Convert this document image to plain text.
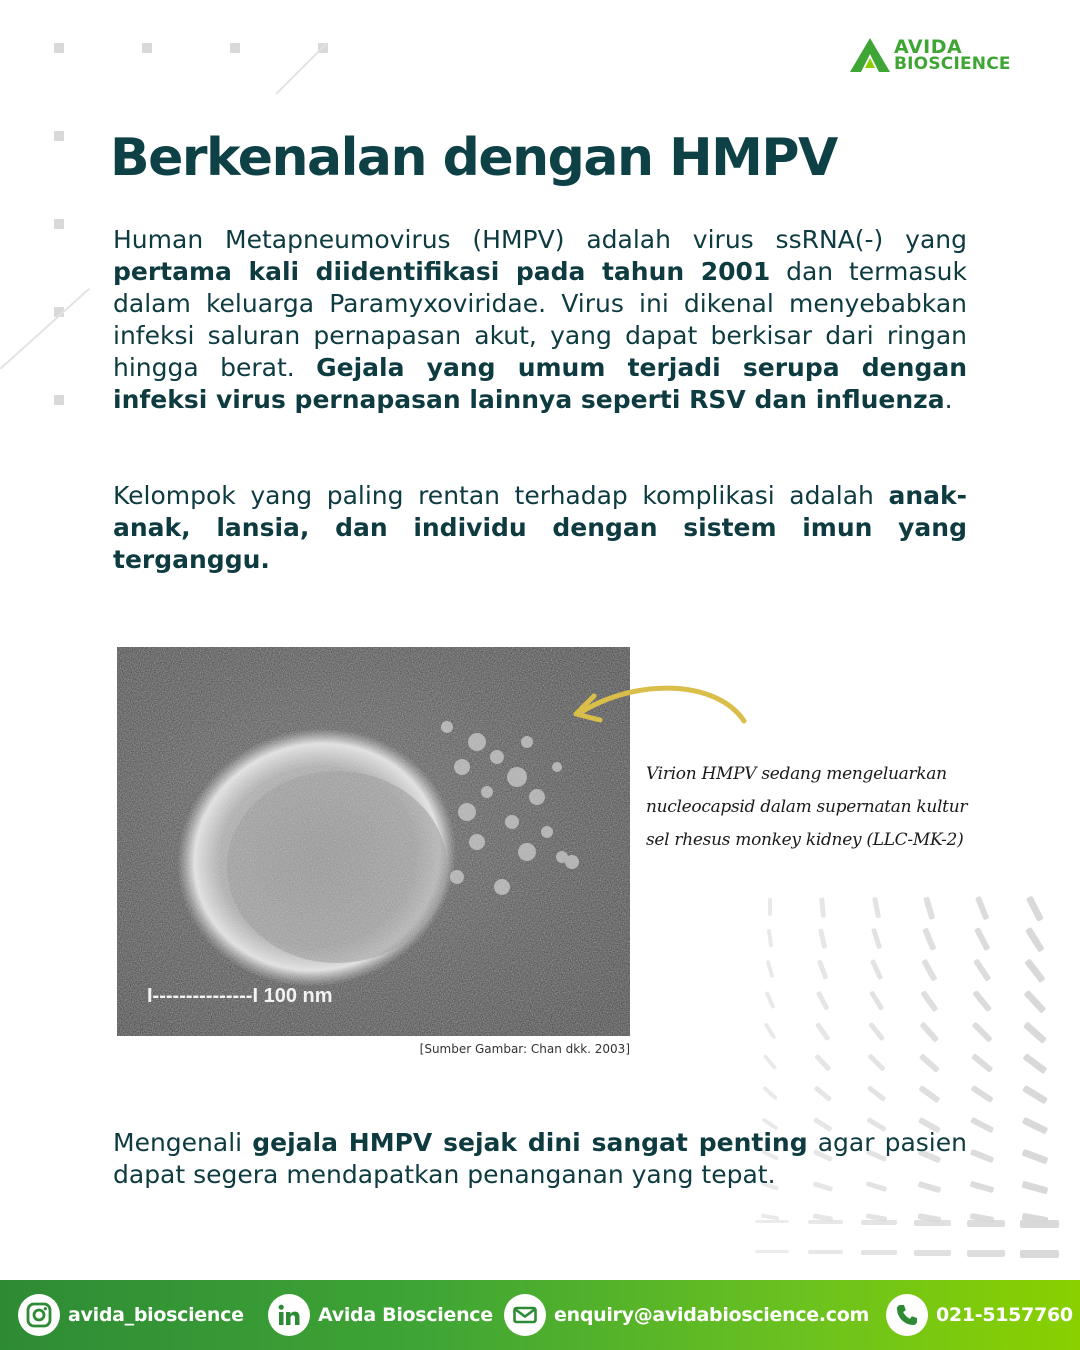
AVIDA
BIOSCIENCE
Berkenalan dengan HMPV

Human Metapneumovirus (HMPV) adalah virus ssRNA(-) yang pertama kali diidentifikasi pada tahun 2001 dan termasuk dalam keluarga Paramyxoviridae. Virus ini dikenal menyebabkan infeksi saluran pernapasan akut, yang dapat berkisar dari ringan hingga berat. Gejala yang umum terjadi serupa dengan infeksi virus pernapasan lainnya seperti RSV dan influenza.

Kelompok yang paling rentan terhadap komplikasi adalah anak-anak, lansia, dan individu dengan sistem imun yang terganggu.

I---------------I 100 nm
[Sumber Gambar: Chan dkk. 2003]
Virion HMPV sedang mengeluarkan
nucleocapsid dalam supernatan kultur
sel rhesus monkey kidney (LLC-MK-2)

Mengenali gejala HMPV sejak dini sangat penting agar pasien dapat segera mendapatkan penanganan yang tepat.

avida_bioscience	Avida Bioscience	enquiry@avidabioscience.com	021-5157760
